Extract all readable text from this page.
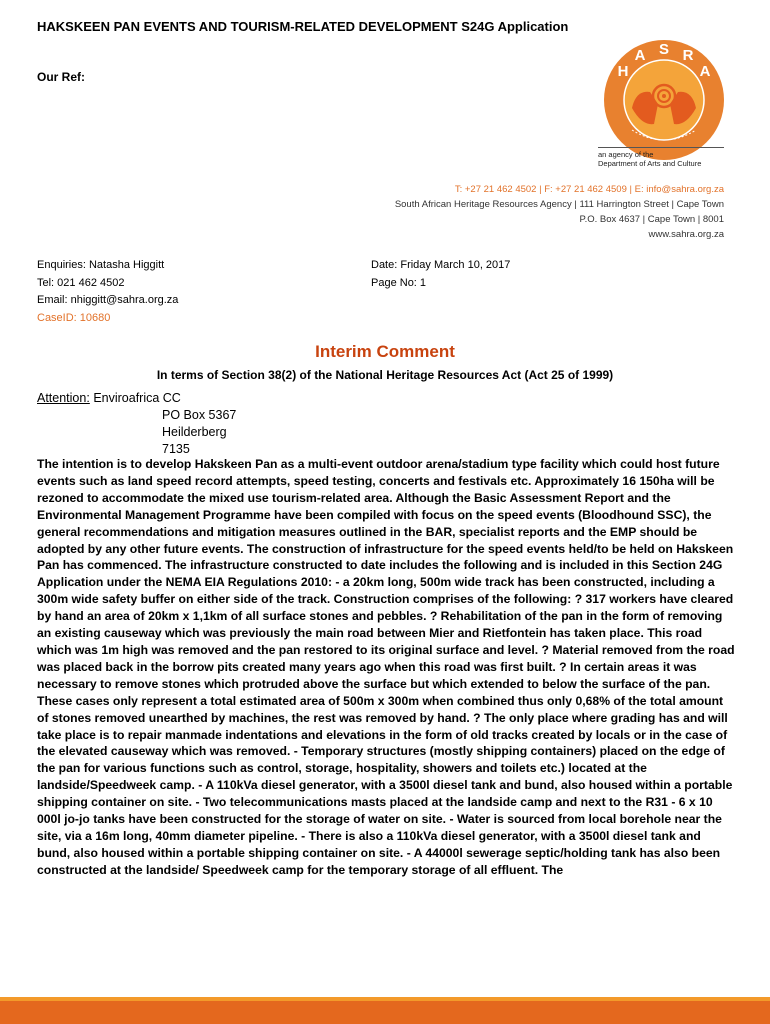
HAKSKEEN PAN EVENTS AND TOURISM-RELATED DEVELOPMENT S24G Application
Our Ref:
S
A
H
R
A
an agency of the
Department of Arts and Culture
T: +27 21 462 4502 | F: +27 21 462 4509 | E: info@sahra.org.za
South African Heritage Resources Agency | 111 Harrington Street | Cape Town
P.O. Box 4637 | Cape Town | 8001
www.sahra.org.za
Enquiries: Natasha Higgitt
Tel: 021 462 4502
Email: nhiggitt@sahra.org.za
CaseID: 10680
Date: Friday March 10, 2017
Page No: 1
Interim Comment
In terms of Section 38(2) of the National Heritage Resources Act (Act 25 of 1999)
Attention: Enviroafrica CC
PO Box 5367
Heilderberg
7135
The intention is to develop Hakskeen Pan as a multi-event outdoor arena/stadium type facility which could host future events such as land speed record attempts, speed testing, concerts and festivals etc. Approximately 16 150ha will be rezoned to accommodate the mixed use tourism-related area. Although the Basic Assessment Report and the Environmental Management Programme have been compiled with focus on the speed events (Bloodhound SSC), the general recommendations and mitigation measures outlined in the BAR, specialist reports and the EMP should be adopted by any other future events. The construction of infrastructure for the speed events held/to be held on Hakskeen Pan has commenced. The infrastructure constructed to date includes the following and is included in this Section 24G Application under the NEMA EIA Regulations 2010: - a 20km long, 500m wide track has been constructed, including a 300m wide safety buffer on either side of the track. Construction comprises of the following: ? 317 workers have cleared by hand an area of 20km x 1,1km of all surface stones and pebbles. ? Rehabilitation of the pan in the form of removing an existing causeway which was previously the main road between Mier and Rietfontein has taken place. This road which was 1m high was removed and the pan restored to its original surface and level. ? Material removed from the road was placed back in the borrow pits created many years ago when this road was first built. ? In certain areas it was necessary to remove stones which protruded above the surface but which extended to below the surface of the pan. These cases only represent a total estimated area of 500m x 300m when combined thus only 0,68% of the total amount of stones removed unearthed by machines, the rest was removed by hand. ? The only place where grading has and will take place is to repair manmade indentations and elevations in the form of old tracks created by locals or in the case of the elevated causeway which was removed. - Temporary structures (mostly shipping containers) placed on the edge of the pan for various functions such as control, storage, hospitality, showers and toilets etc.) located at the landside/Speedweek camp. - A 110kVa diesel generator, with a 3500l diesel tank and bund, also housed within a portable shipping container on site. - Two telecommunications masts placed at the landside camp and next to the R31 - 6 x 10 000l jo-jo tanks have been constructed for the storage of water on site. - Water is sourced from local borehole near the site, via a 16m long, 40mm diameter pipeline. - There is also a 110kVa diesel generator, with a 3500l diesel tank and bund, also housed within a portable shipping container on site. - A 44000l sewerage septic/holding tank has also been constructed at the landside/ Speedweek camp for the temporary storage of all effluent. The
